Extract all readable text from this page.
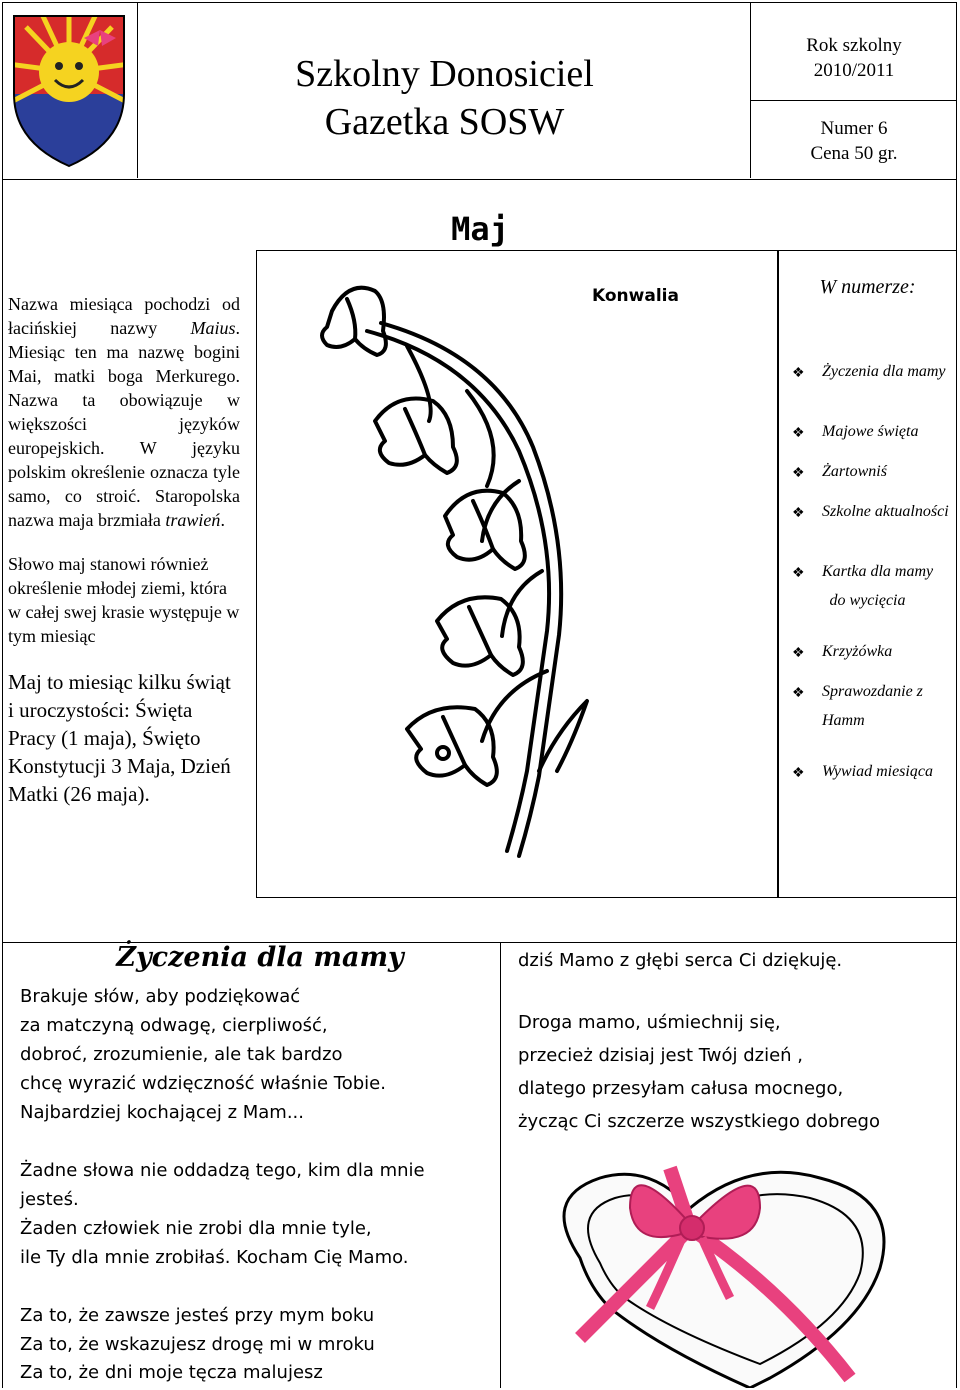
Szkolny Donosiciel
Gazetka SOSW
Rok szkolny
2010/2011
Numer 6
Cena 50 gr.
Maj

Nazwa miesiąca pochodzi od łacińskiej nazwy Maius. Miesiąc ten ma nazwę bogini Mai, matki boga Merkurego. Nazwa ta obowiązuje w większości języków europejskich. W języku polskim określenie oznacza tyle samo, co stroić. Staropolska nazwa maja brzmiała trawień.

Słowo maj stanowi również określenie młodej ziemi, która w całej swej krasie występuje w tym miesiąc

Maj to miesiąc kilku świąt i uroczystości: Święta Pracy (1 maja), Święto Konstytucji 3 Maja, Dzień Matki (26 maja).

Konwalia	W numerze:
❖ Życzenia dla mamy
❖ Majowe święta
❖ Żartowniś
❖ Szkolne aktualności
❖ Kartka dla mamy
do wycięcia
❖ Krzyżówka
❖ Sprawozdanie z
Hamm
❖ Wywiad miesiąca
Życzenia dla mamy
Brakuje słów, aby podziękować
za matczyną odwagę, cierpliwość,
dobroć, zrozumienie, ale tak bardzo
chcę wyrazić wdzięczność właśnie Tobie.
Najbardziej kochającej z Mam...
Żadne słowa nie oddadzą tego, kim dla mnie
jesteś.
Żaden człowiek nie zrobi dla mnie tyle,
ile Ty dla mnie zrobiłaś. Kocham Cię Mamo.
Za to, że zawsze jesteś przy mym boku
Za to, że wskazujesz drogę mi w mroku
Za to, że dni moje tęcza malujesz
dziś Mamo z głębi serca Ci dziękuję.
Droga mamo, uśmiechnij się,
przecież dzisiaj jest Twój dzień ,
dlatego przesyłam całusa mocnego,
życząc Ci szczerze wszystkiego dobrego
